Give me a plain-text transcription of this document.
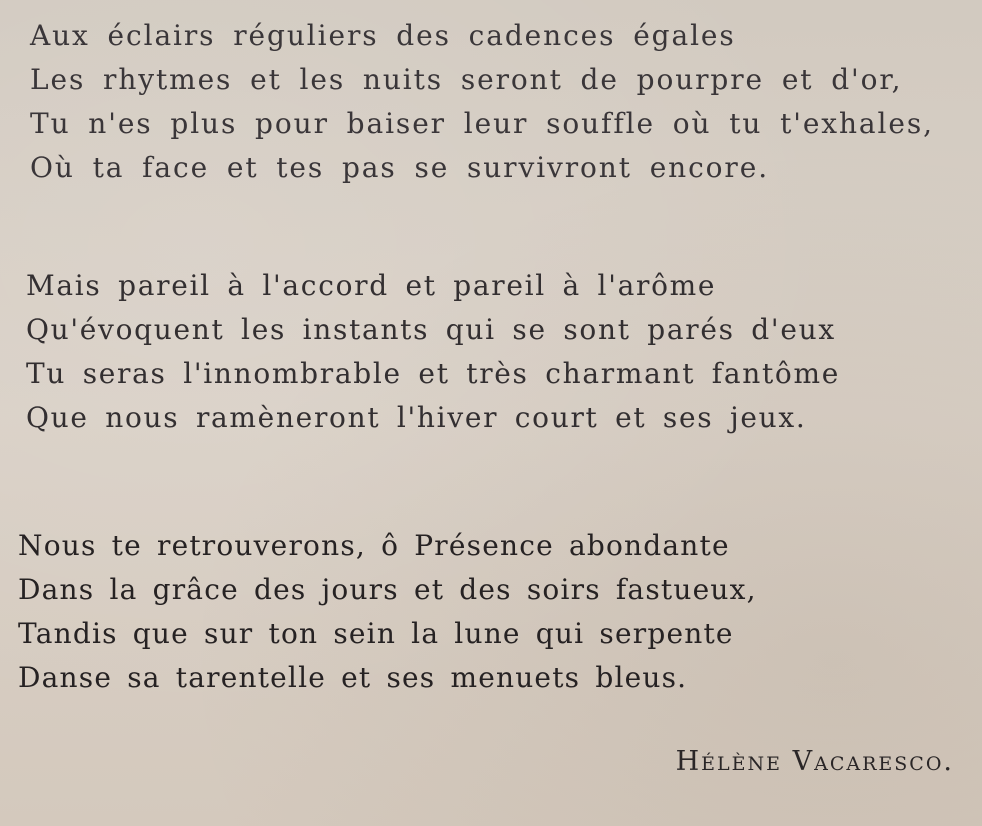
Aux éclairs réguliers des cadences égales
Les rhytmes et les nuits seront de pourpre et d'or,
Tu n'es plus pour baiser leur souffle où tu t'exhales,
Où ta face et tes pas se survivront encore.
Mais pareil à l'accord et pareil à l'arôme
Qu'évoquent les instants qui se sont parés d'eux
Tu seras l'innombrable et très charmant fantôme
Que nous ramèneront l'hiver court et ses jeux.
Nous te retrouverons, ô Présence abondante
Dans la grâce des jours et des soirs fastueux,
Tandis que sur ton sein la lune qui serpente
Danse sa tarentelle et ses menuets bleus.
Hélène Vacaresco.
